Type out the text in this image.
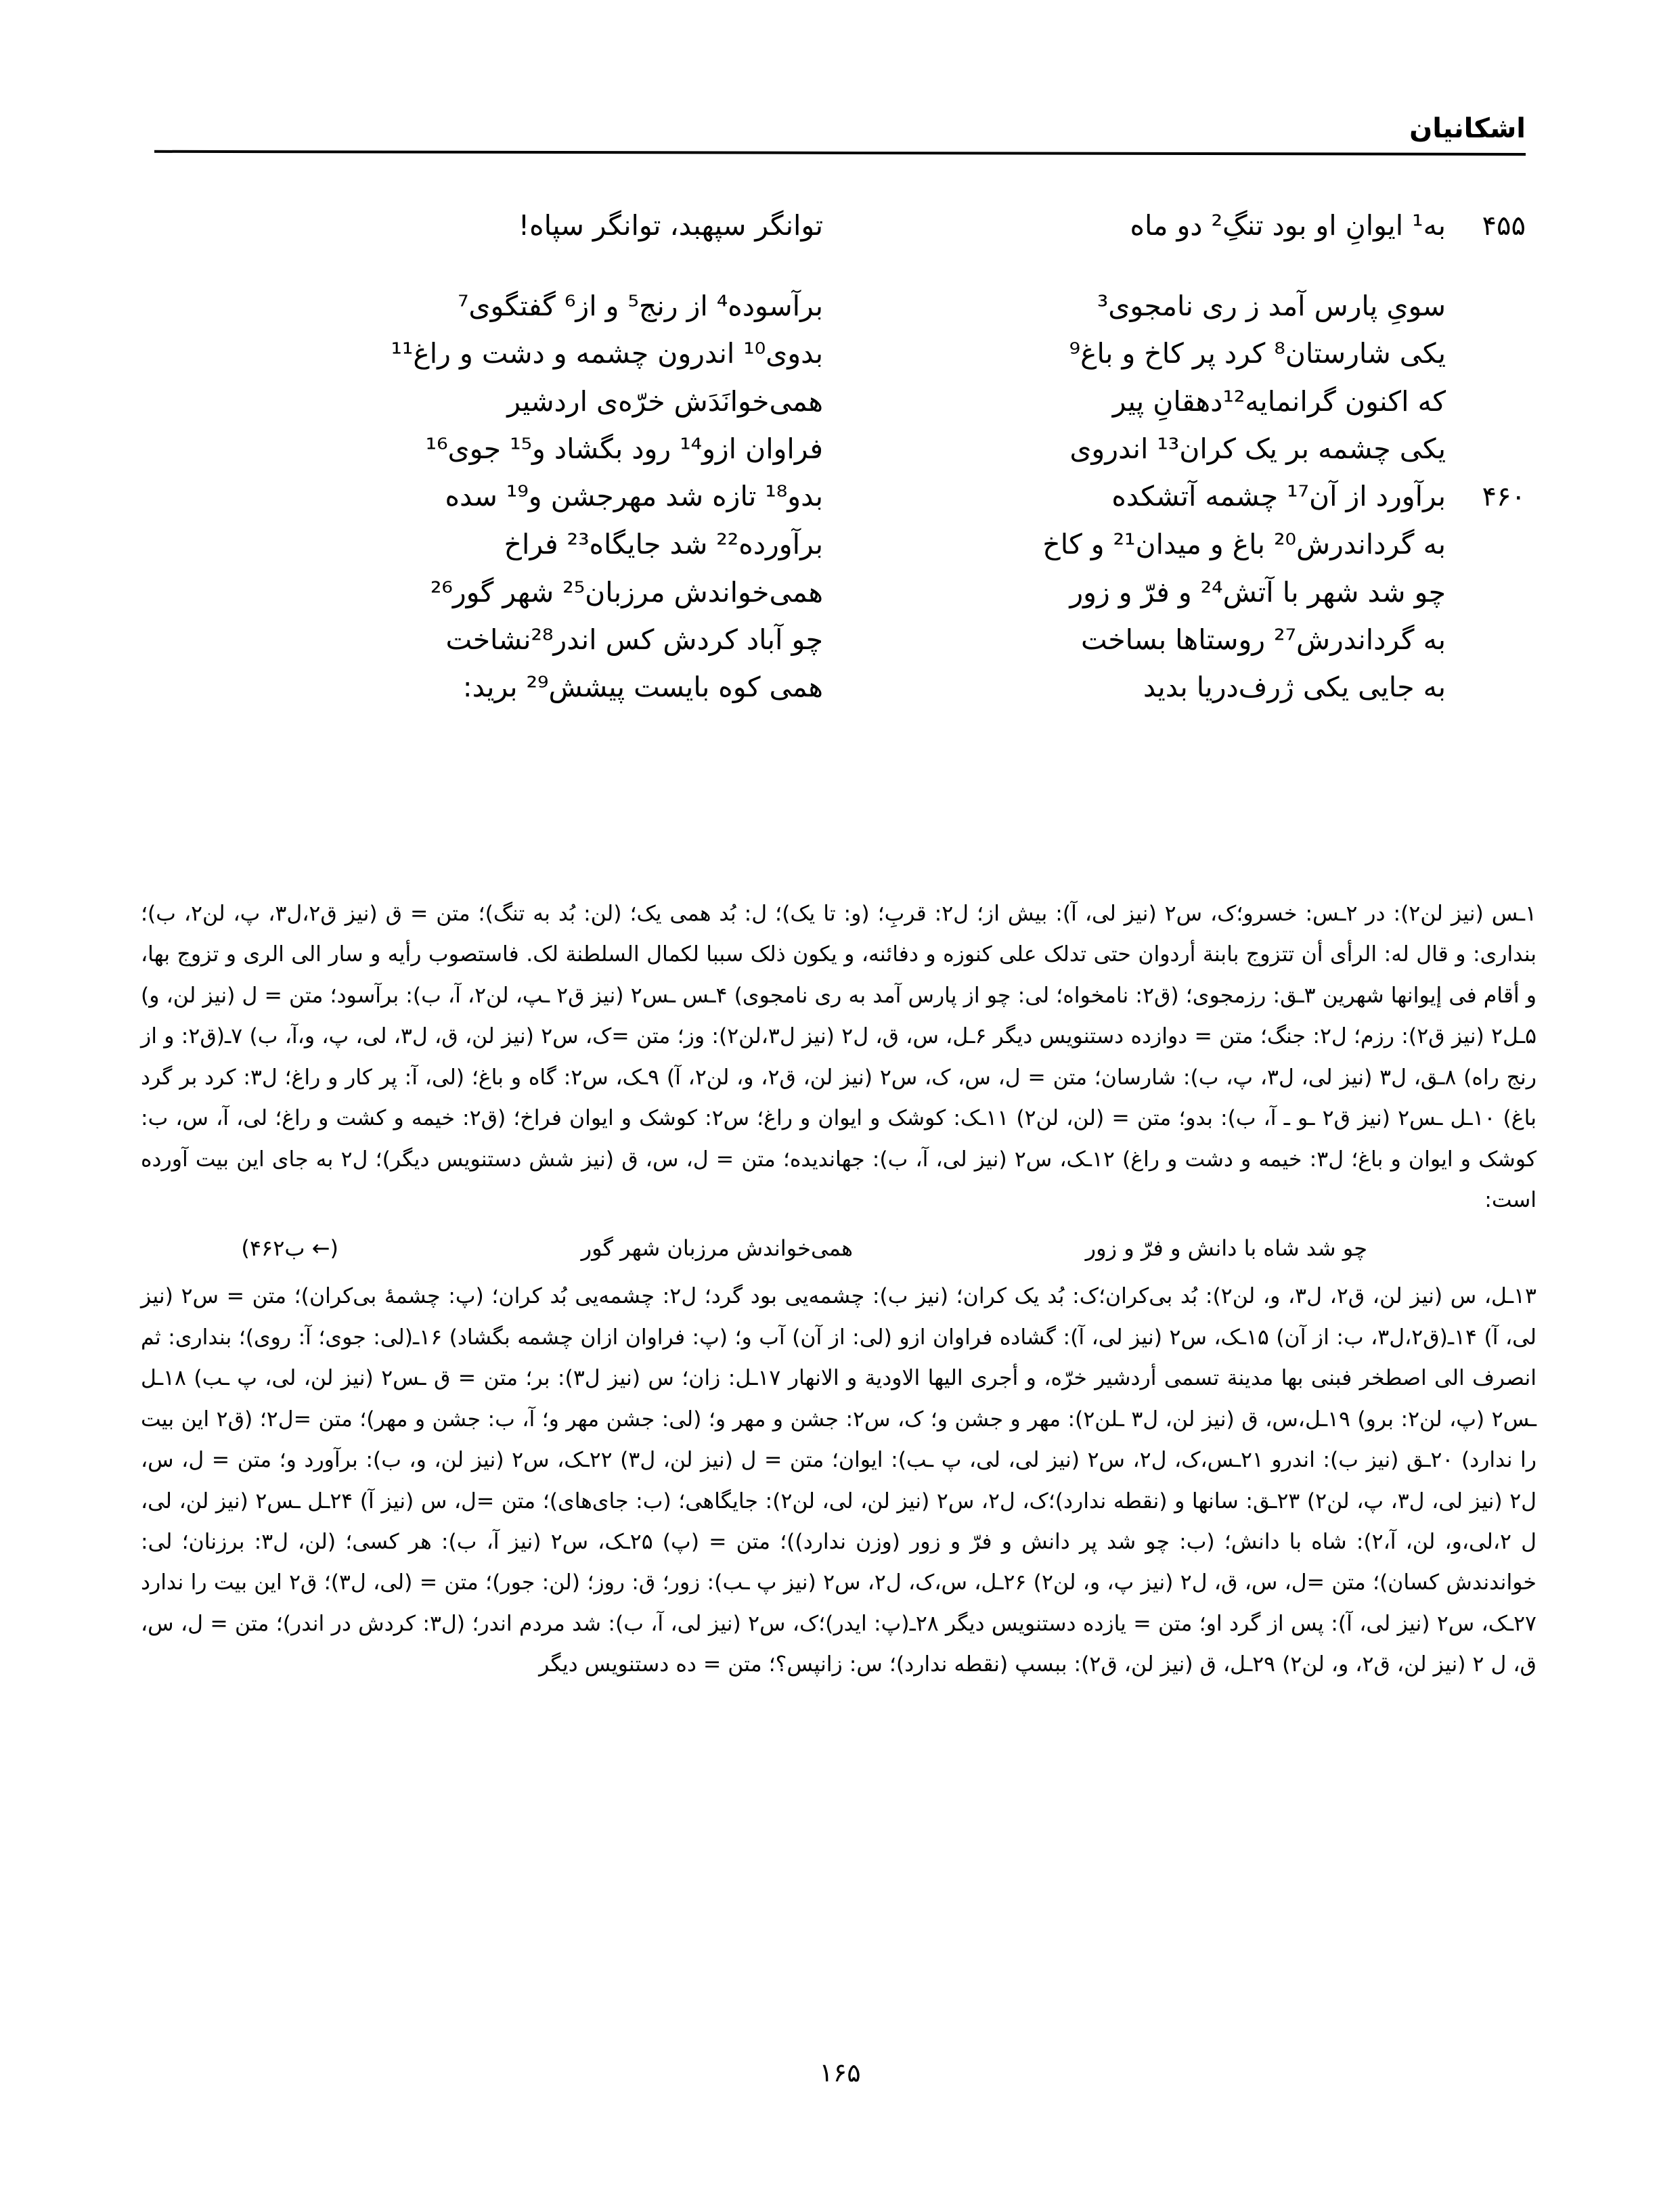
اشکانیان
۴۵۵
به¹ ایوانِ او بود تنگِ² دو ماه
توانگر سپهبد، توانگر سپاه!
سویِ پارس آمد ز ری نامجوی³
برآسوده⁴ از رنج⁵ و از⁶ گفتگوی⁷
یکی شارستان⁸ کرد پر کاخ و باغ⁹
بدوی¹⁰ اندرون چشمه و دشت و راغ¹¹
که اکنون گرانمایه¹²دهقانِ پیر
همی‌خوانَدَش خرّه‌ی اردشیر
یکی چشمه بر یک کران¹³ اندروی
فراوان ازو¹⁴ رود بگشاد و¹⁵ جوی¹⁶
۴۶۰
برآورد از آن¹⁷ چشمه آتشکده
بدو¹⁸ تازه شد مهرجشن و¹⁹ سده
به گرداندرش²⁰ باغ و میدان²¹ و کاخ
برآورده²² شد جایگاه²³ فراخ
چو شد شهر با آتش²⁴ و فرّ و زور
همی‌خواندش مرزبان²⁵ شهر گور²⁶
به گرداندرش²⁷ روستاها بساخت
چو آباد کردش کس اندر²⁸نشاخت
به جایی یکی ژرف‌دریا بدید
همی کوه بایست پیشش²⁹ برید:

۱ـس (نیز لن۲): در ۲ـس: خسرو؛ک، س۲ (نیز لی، آ): بیش از؛ ل۲: قربِ؛ (و: تا یک)؛ ل: بُد همی یک؛ (لن: بُد به تنگ)؛ متن = ق (نیز ق۲،ل۳، پ، لن۲، ب)؛ بنداری: و قال له: الرأی أن تتزوج بابنة أردوان حتی تدلک علی کنوزه و دفائنه، و یکون ذلک سببا لکمال السلطنة لک. فاستصوب رأیه و سار الی الری و تزوج بها، و أقام فی إیوانها شهرین ۳ـق: رزمجوی؛ (ق۲: نامخواه؛ لی: چو از پارس آمد به ری نامجوی) ۴ـس ـس۲ (نیز ق۲ ـپ، لن۲، آ، ب): برآسود؛ متن = ل (نیز لن، و) ۵ـل۲ (نیز ق۲): رزم؛ ل۲: جنگ؛ متن = دوازده دستنویس دیگر ۶ـل، س، ق، ل۲ (نیز ل۳،لن۲): وز؛ متن =ک، س۲ (نیز لن، ق، ل۳، لی، پ، و،آ، ب) ۷ـ(ق۲: و از رنج راه) ۸ـق، ل۳ (نیز لی، ل۳، پ، ب): شارسان؛ متن = ل، س، ک، س۲ (نیز لن، ق۲، و، لن۲، آ) ۹ـک، س۲: گاه و باغ؛ (لی، آ: پر کار و راغ؛ ل۳: کرد بر گرد باغ) ۱۰ـل ـس۲ (نیز ق۲ ـو ـ آ، ب): بدو؛ متن = (لن، لن۲) ۱۱ـک: کوشک و ایوان و راغ؛ س۲: کوشک و ایوان فراخ؛ (ق۲: خیمه و کشت و راغ؛ لی، آ، س، ب: کوشک و ایوان و باغ؛ ل۳: خیمه و دشت و راغ) ۱۲ـک، س۲ (نیز لی، آ، ب): جهاندیده؛ متن = ل، س، ق (نیز شش دستنویس دیگر)؛ ل۲ به جای این بیت آورده است:

چو شد شاه با دانش و فرّ و زور
همی‌خواندش مرزبان شهر گور
(← ب۴۶۲)

۱۳ـل، س (نیز لن، ق۲، ل۳، و، لن۲): بُد بی‌کران؛ک: بُد یک کران؛ (نیز ب): چشمه‌یی بود گرد؛ ل۲: چشمه‌یی بُد کران؛ (پ: چشمهٔ بی‌کران)؛ متن = س۲ (نیز لی، آ) ۱۴ـ(ق۲،ل۳، ب: از آن) ۱۵ـک، س۲ (نیز لی، آ): گشاده فراوان ازو (لی: از آن) آب و؛ (پ: فراوان ازان چشمه بگشاد) ۱۶ـ(لی: جوی؛ آ: روی)؛ بنداری: ثم انصرف الی اصطخر فبنی بها مدینة تسمی أردشیر خرّه، و أجری الیها الاودیة و الانهار ۱۷ـل: زان؛ س (نیز ل۳): بر؛ متن = ق ـس۲ (نیز لن، لی، پ ـب) ۱۸ـل ـس۲ (پ، لن۲: برو) ۱۹ـل،س، ق (نیز لن، ل۳ ـلن۲): مهر و جشن و؛ ک، س۲: جشن و مهر و؛ (لی: جشن مهر و؛ آ، ب: جشن و مهر)؛ متن =ل۲؛ (ق۲ این بیت را ندارد) ۲۰ـق (نیز ب): اندرو ۲۱ـس،ک، ل۲، س۲ (نیز لی، لی، پ ـب): ایوان؛ متن = ل (نیز لن، ل۳) ۲۲ـک، س۲ (نیز لن، و، ب): برآورد و؛ متن = ل، س، ل۲ (نیز لی، ل۳، پ، لن۲) ۲۳ـق: سانها و (نقطه ندارد)؛ک، ل۲، س۲ (نیز لن، لی، لن۲): جایگاهی؛ (ب: جای‌های)؛ متن =ل، س (نیز آ) ۲۴ـل ـس۲ (نیز لن، لی، ل ۲،لی،و، لن، آ،۲): شاه با دانش؛ (ب: چو شد پر دانش و فرّ و زور (وزن ندارد))؛ متن = (پ) ۲۵ـک، س۲ (نیز آ، ب): هر کسی؛ (لن، ل۳: برزنان؛ لی: خواندندش کسان)؛ متن =ل، س، ق، ل۲ (نیز پ، و، لن۲) ۲۶ـل، س،ک، ل۲، س۲ (نیز پ ـب): زور؛ ق: روز؛ (لن: جور)؛ متن = (لی، ل۳)؛ ق۲ این بیت را ندارد ۲۷ـک، س۲ (نیز لی، آ): پس از گرد او؛ متن = یازده دستنویس دیگر ۲۸ـ(پ: ایدر)؛ک، س۲ (نیز لی، آ، ب): شد مردم اندر؛ (ل۳: کردش در اندر)؛ متن = ل، س، ق، ل ۲ (نیز لن، ق۲، و، لن۲) ۲۹ـل، ق (نیز لن، ق۲): ببسپ (نقطه ندارد)؛ س: زانپس؟؛ متن = ده دستنویس دیگر

۱۶۵
